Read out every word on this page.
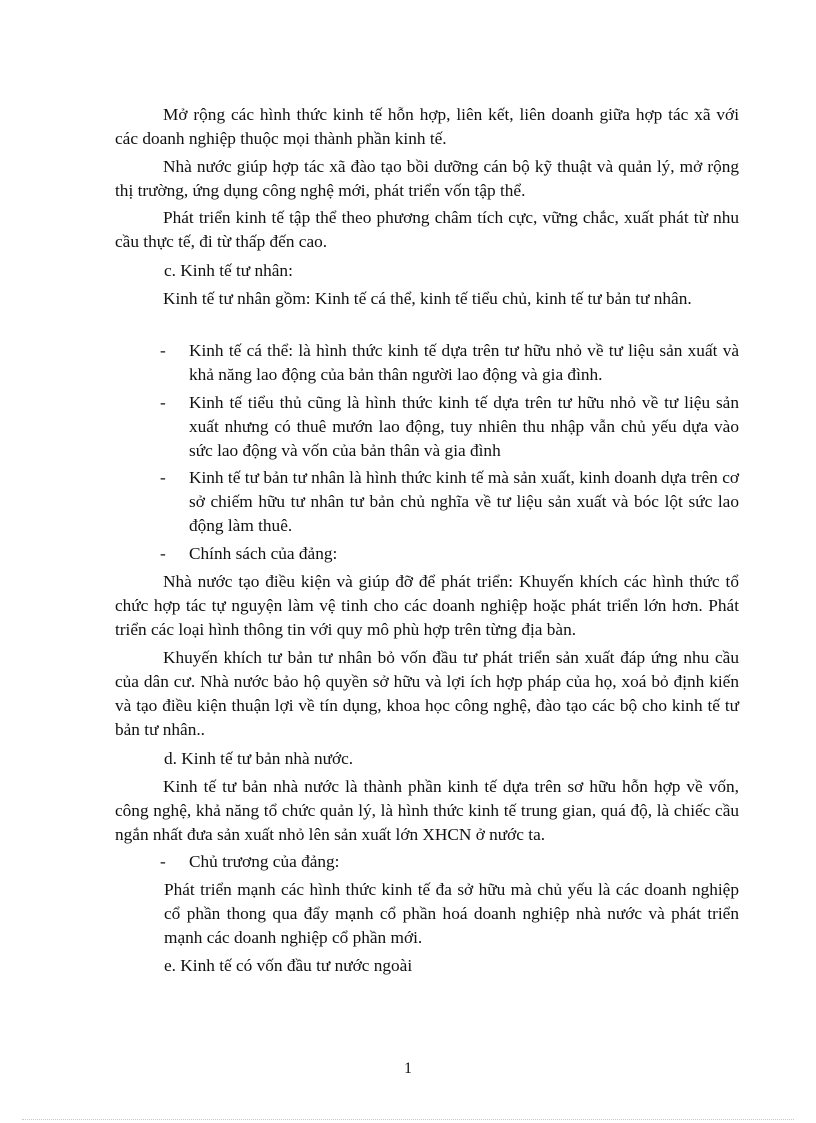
Mở rộng các hình thức kinh tế hỗn hợp, liên kết, liên doanh giữa hợp tác xã với các doanh nghiệp thuộc mọi thành phần kinh tế.
Nhà nước giúp hợp tác xã đào tạo bồi dưỡng cán bộ kỹ thuật và quản lý, mở rộng thị trường, ứng dụng công nghệ mới, phát triển vốn tập thể.
Phát triển kinh tế tập thể theo phương châm tích cực, vững chắc, xuất phát từ nhu cầu thực tế, đi từ thấp đến cao.
c. Kinh tế tư nhân:
Kinh tế tư nhân gồm: Kinh tế cá thể, kinh tế tiểu chủ, kinh tế tư bản tư nhân.
-	Kinh tế cá thể: là hình thức kinh tế dựa trên tư hữu nhỏ về tư liệu sản xuất và khả năng lao động của bản thân người lao động và gia đình.
-	Kinh tế tiểu thủ cũng là hình thức kinh tế dựa trên tư hữu nhỏ về tư liệu sản xuất nhưng có thuê mướn lao động, tuy nhiên thu nhập vẫn chủ yếu dựa vào sức lao động và vốn của bản thân và gia đình
-	Kinh tế tư bản tư nhân là hình thức kinh tế mà sản xuất, kinh doanh dựa trên cơ sở chiếm hữu tư nhân tư bản chủ nghĩa về tư liệu sản xuất và bóc lột sức lao động làm thuê.
-	Chính sách của đảng:
Nhà nước tạo điều kiện và giúp đỡ để phát triển: Khuyến khích các hình thức tổ chức hợp tác tự nguyện làm vệ tinh cho các doanh nghiệp hoặc phát triển lớn hơn. Phát triển các loại hình thông tin với quy mô phù hợp trên từng địa bàn.
Khuyến khích tư bản tư nhân bỏ vốn đầu tư phát triển sản xuất đáp ứng nhu cầu của dân cư. Nhà nước bảo hộ quyền sở hữu và lợi ích hợp pháp của họ, xoá bỏ định kiến và tạo điều kiện thuận lợi về tín dụng, khoa học công nghệ, đào tạo các bộ cho kinh tế tư bản tư nhân..
d. Kinh tế tư bản nhà nước.
Kinh tế tư bản nhà nước là thành phần kinh tế dựa trên sơ hữu hỗn hợp về vốn, công nghệ, khả năng tổ chức quản lý, là hình thức kinh tế trung gian, quá độ, là chiếc cầu ngắn nhất đưa sản xuất nhỏ lên sản xuất lớn XHCN ở nước ta.
-	Chủ trương của đảng:
Phát triển mạnh các hình thức kinh tế đa sở hữu mà chủ yếu là các doanh nghiệp cổ phần thong qua đẩy mạnh cổ phần hoá doanh nghiệp nhà nước và phát triển mạnh các doanh nghiệp cổ phần mới.
e. Kinh tế có vốn đầu tư nước ngoài
1
